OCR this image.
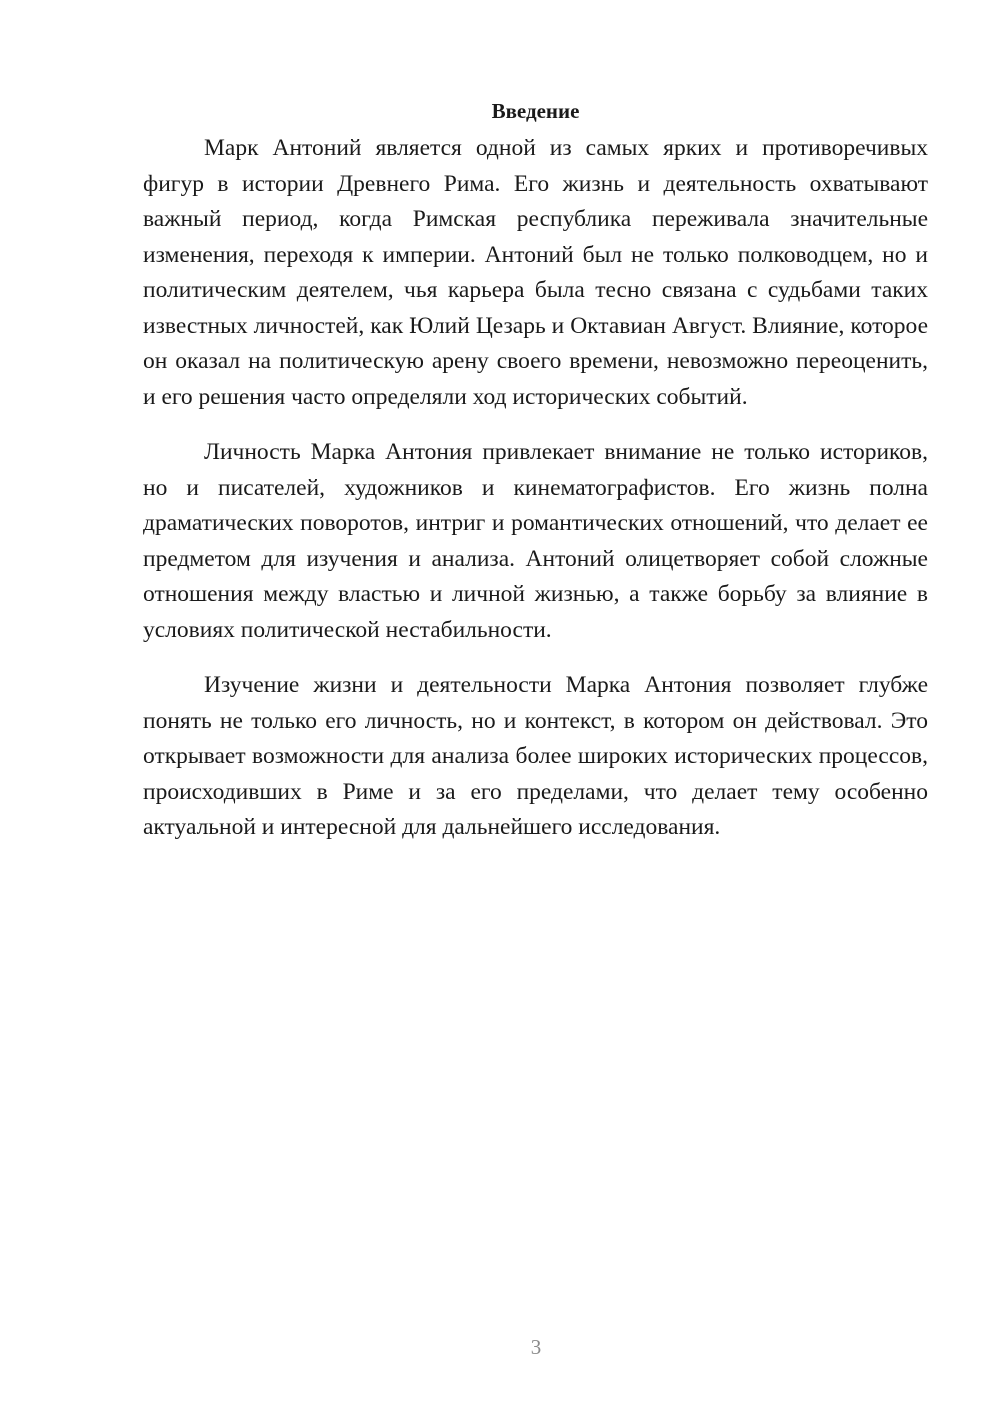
Введение

Марк Антоний является одной из самых ярких и противоречивых фигур в истории Древнего Рима. Его жизнь и деятельность охватывают важный период, когда Римская республика переживала значительные изменения, переходя к империи. Антоний был не только полководцем, но и политическим деятелем, чья карьера была тесно связана с судьбами таких известных личностей, как Юлий Цезарь и Октавиан Август. Влияние, которое он оказал на политическую арену своего времени, невозможно переоценить, и его решения часто определяли ход исторических событий.

Личность Марка Антония привлекает внимание не только историков, но и писателей, художников и кинематографистов. Его жизнь полна драматических поворотов, интриг и романтических отношений, что делает ее предметом для изучения и анализа. Антоний олицетворяет собой сложные отношения между властью и личной жизнью, а также борьбу за влияние в условиях политической нестабильности.

Изучение жизни и деятельности Марка Антония позволяет глубже понять не только его личность, но и контекст, в котором он действовал. Это открывает возможности для анализа более широких исторических процессов, происходивших в Риме и за его пределами, что делает тему особенно актуальной и интересной для дальнейшего исследования.

3
